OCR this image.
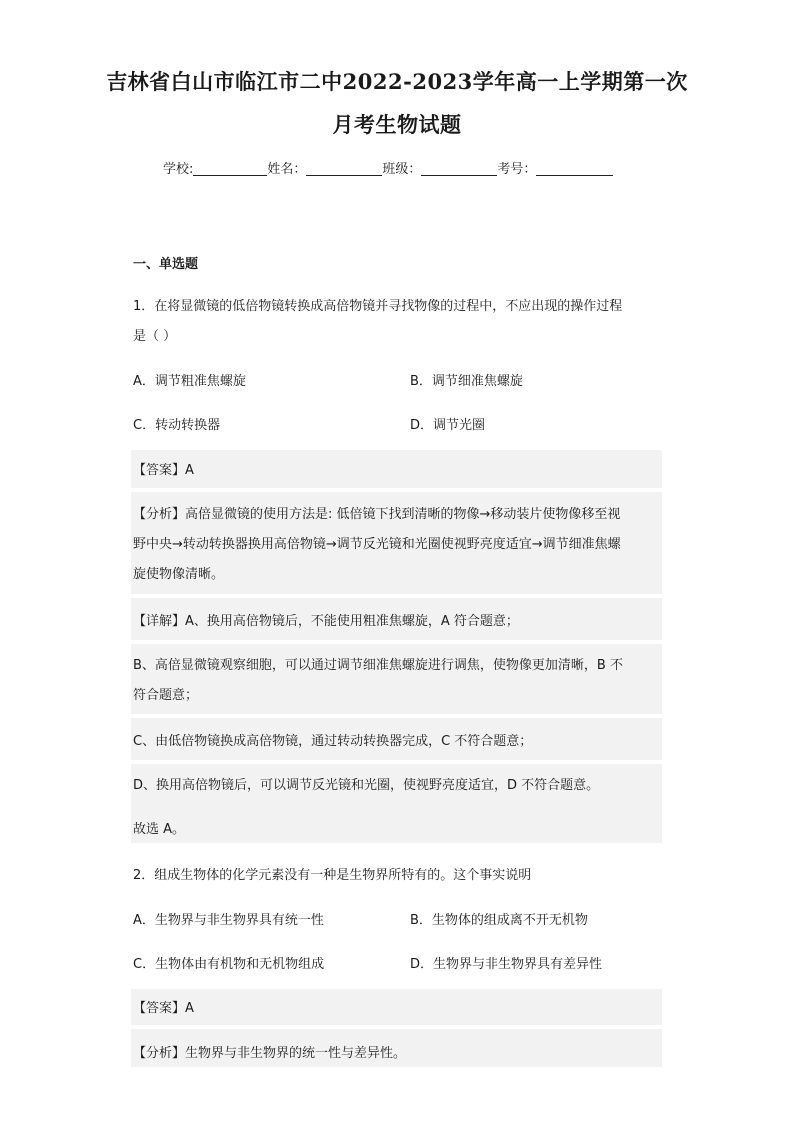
吉林省白山市临江市二中2022-2023学年高一上学期第一次
月考生物试题
学校:	姓名：	班级：	考号：
一、单选题
1．在将显微镜的低倍物镜转换成高倍物镜并寻找物像的过程中，不应出现的操作过程
是（ ）
A．调节粗准焦螺旋	B．调节细准焦螺旋
C．转动转换器	D．调节光圈
【答案】A
【分析】高倍显微镜的使用方法是: 低倍镜下找到清晰的物像→移动装片使物像移至视
野中央→转动转换器换用高倍物镜→调节反光镜和光圈使视野亮度适宜→调节细准焦螺
旋使物像清晰。
【详解】A、换用高倍物镜后，不能使用粗准焦螺旋，A 符合题意；
B、高倍显微镜观察细胞，可以通过调节细准焦螺旋进行调焦，使物像更加清晰，B 不
符合题意；
C、由低倍物镜换成高倍物镜，通过转动转换器完成，C 不符合题意；
D、换用高倍物镜后，可以调节反光镜和光圈，使视野亮度适宜，D 不符合题意。
故选 A。
2．组成生物体的化学元素没有一种是生物界所特有的。这个事实说明
A．生物界与非生物界具有统一性	B．生物体的组成离不开无机物
C．生物体由有机物和无机物组成	D．生物界与非生物界具有差异性
【答案】A
【分析】生物界与非生物界的统一性与差异性。
